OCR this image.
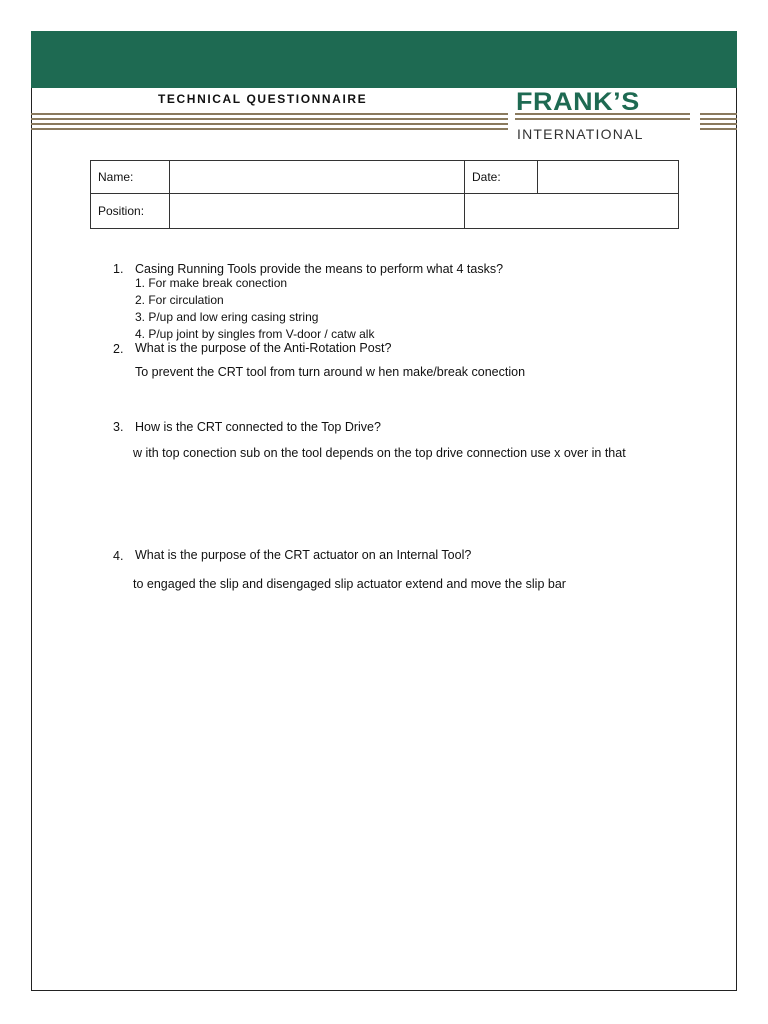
TECHNICAL QUESTIONNAIRE	FRANK’S
INTERNATIONAL
Name:		Date:	
Position:			
1. Casing Running Tools provide the means to perform what 4 tasks?
1. For make break conection
2. For circulation
3. P/up and low ering casing string
4. P/up joint by singles from V-door / catw alk
2. What is the purpose of the Anti-Rotation Post?
To prevent the CRT tool from turn around w hen make/break conection
3. How is the CRT connected to the Top Drive?
w ith top conection sub on the tool depends on the top drive connection use x over in that
4. What is the purpose of the CRT actuator on an Internal Tool?
to engaged the slip and disengaged slip actuator extend and move the slip bar
